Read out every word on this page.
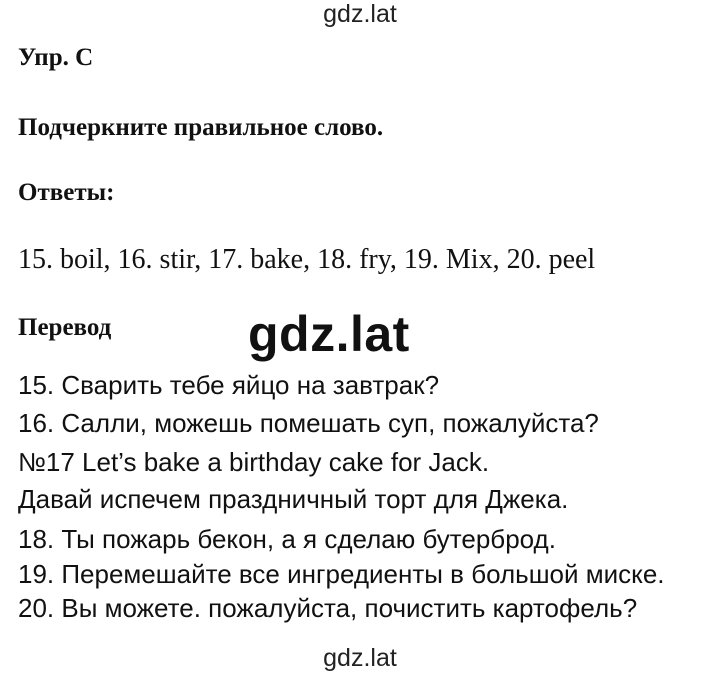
gdz.lat
Упр. С
Подчеркните правильное слово.
Ответы:
15. boil, 16. stir, 17. bake, 18. fry, 19. Mix, 20. peel
Перевод	gdz.lat
15. Сварить тебе яйцо на завтрак?
16. Салли, можешь помешать суп, пожалуйста?
№17 Let’s bake a birthday cake for Jack.
Давай испечем праздничный торт для Джека.
18. Ты пожарь бекон, а я сделаю бутерброд.
19. Перемешайте все ингредиенты в большой миске.
20. Вы можете. пожалуйста, почистить картофель?
gdz.lat
